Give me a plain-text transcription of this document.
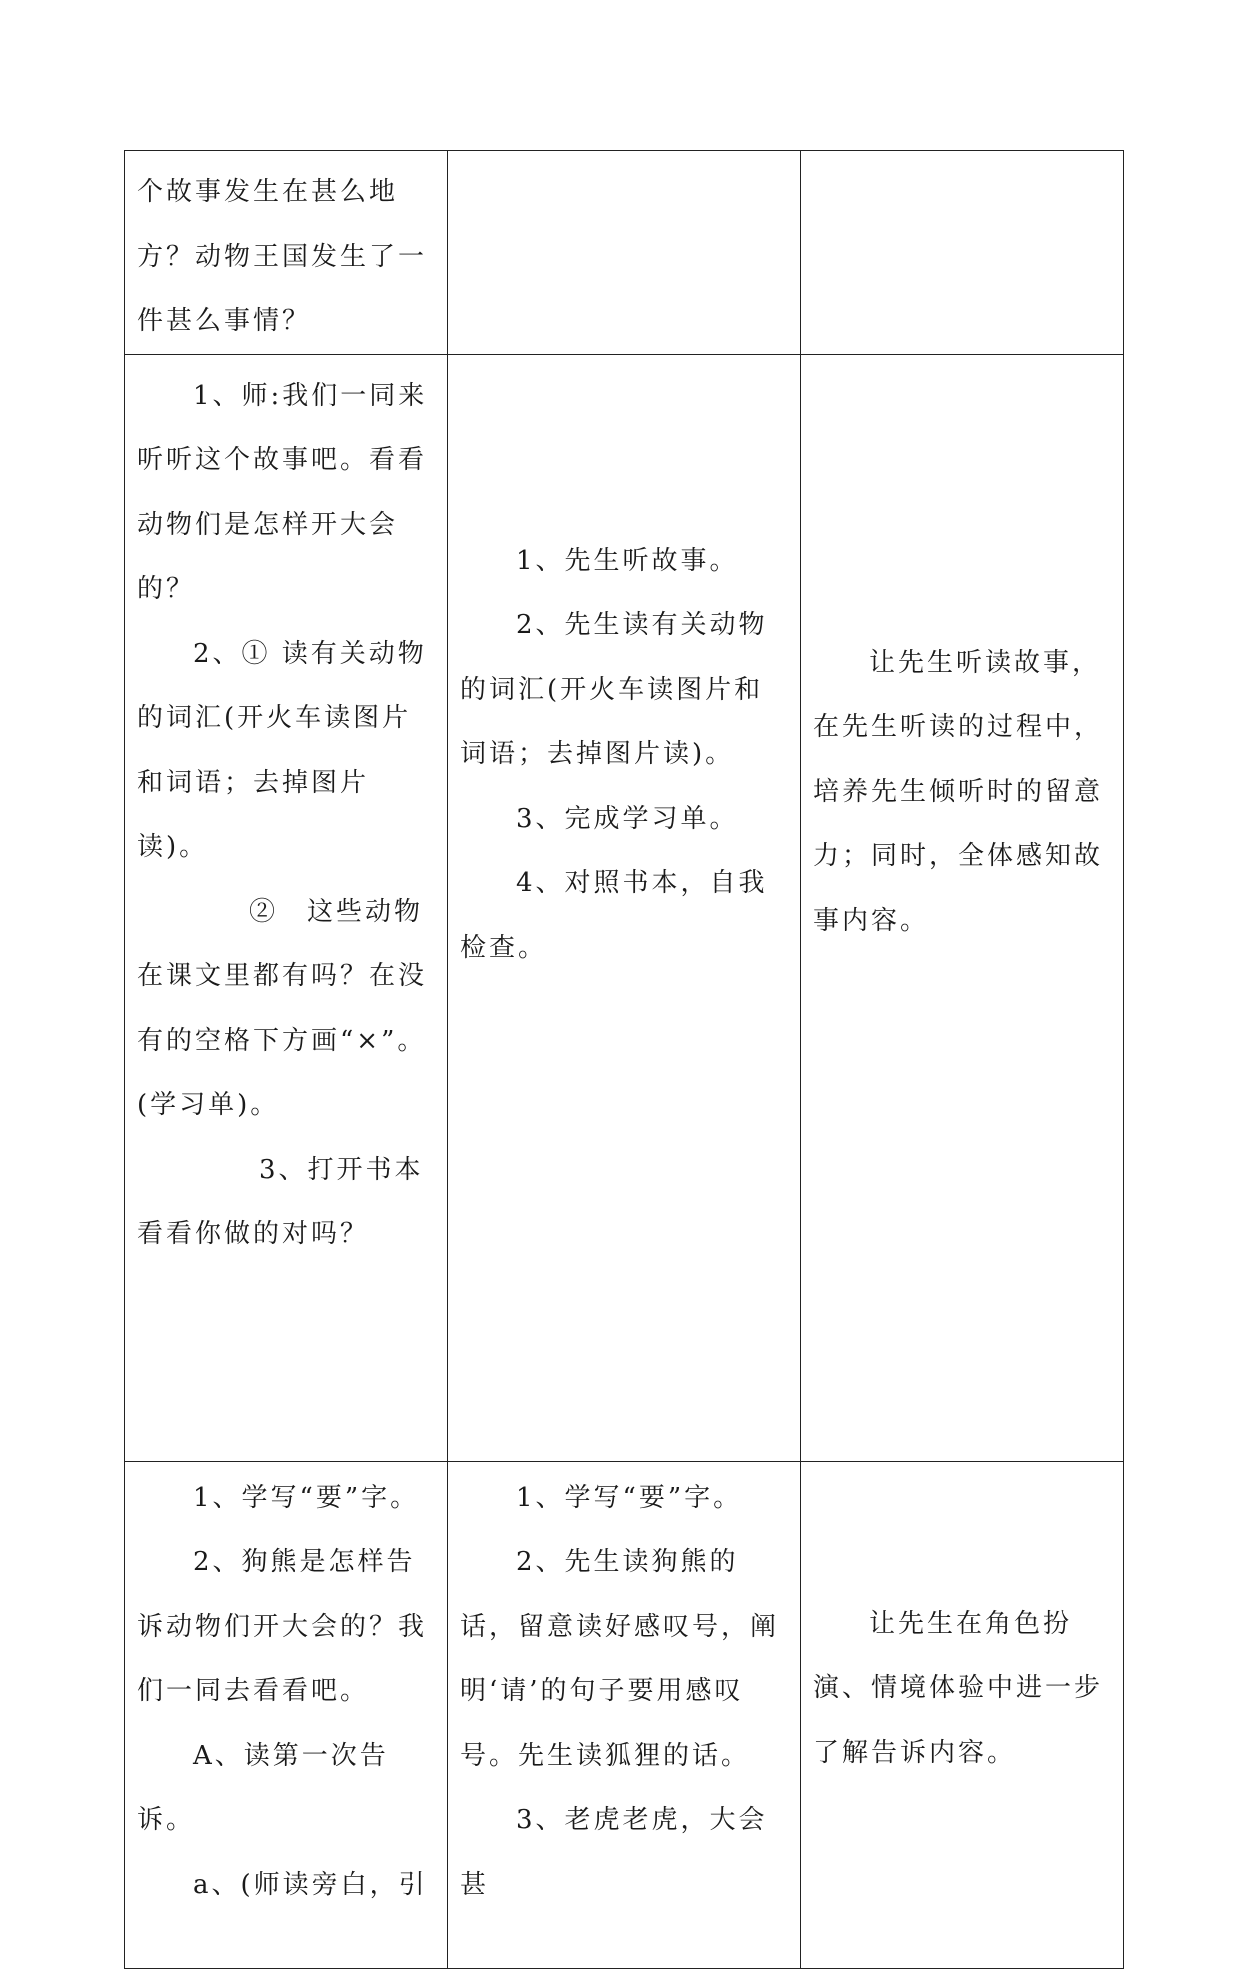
个故事发生在甚么地方？动物王国发生了一件甚么事情？		

1、师:我们一同来听听这个故事吧。看看动物们是怎样开大会的？
2、① 读有关动物的词汇(开火车读图片和词语；去掉图片读)。
②　这些动物在课文里都有吗？在没有的空格下方画“×”。(学习单)。
3、打开书本看看你做的对吗？	1、先生听故事。
2、先生读有关动物的词汇(开火车读图片和词语；去掉图片读)。
3、完成学习单。
4、对照书本，自我检查。	让先生听读故事，在先生听读的过程中，培养先生倾听时的留意力；同时，全体感知故事内容。

1、学写“要”字。
2、狗熊是怎样告诉动物们开大会的？我们一同去看看吧。
A、读第一次告诉。
a、(师读旁白，引	1、学写“要”字。
2、先生读狗熊的话，留意读好感叹号，阐明‘请’的句子要用感叹号。先生读狐狸的话。
3、老虎老虎，大会甚	让先生在角色扮演、情境体验中进一步了解告诉内容。
